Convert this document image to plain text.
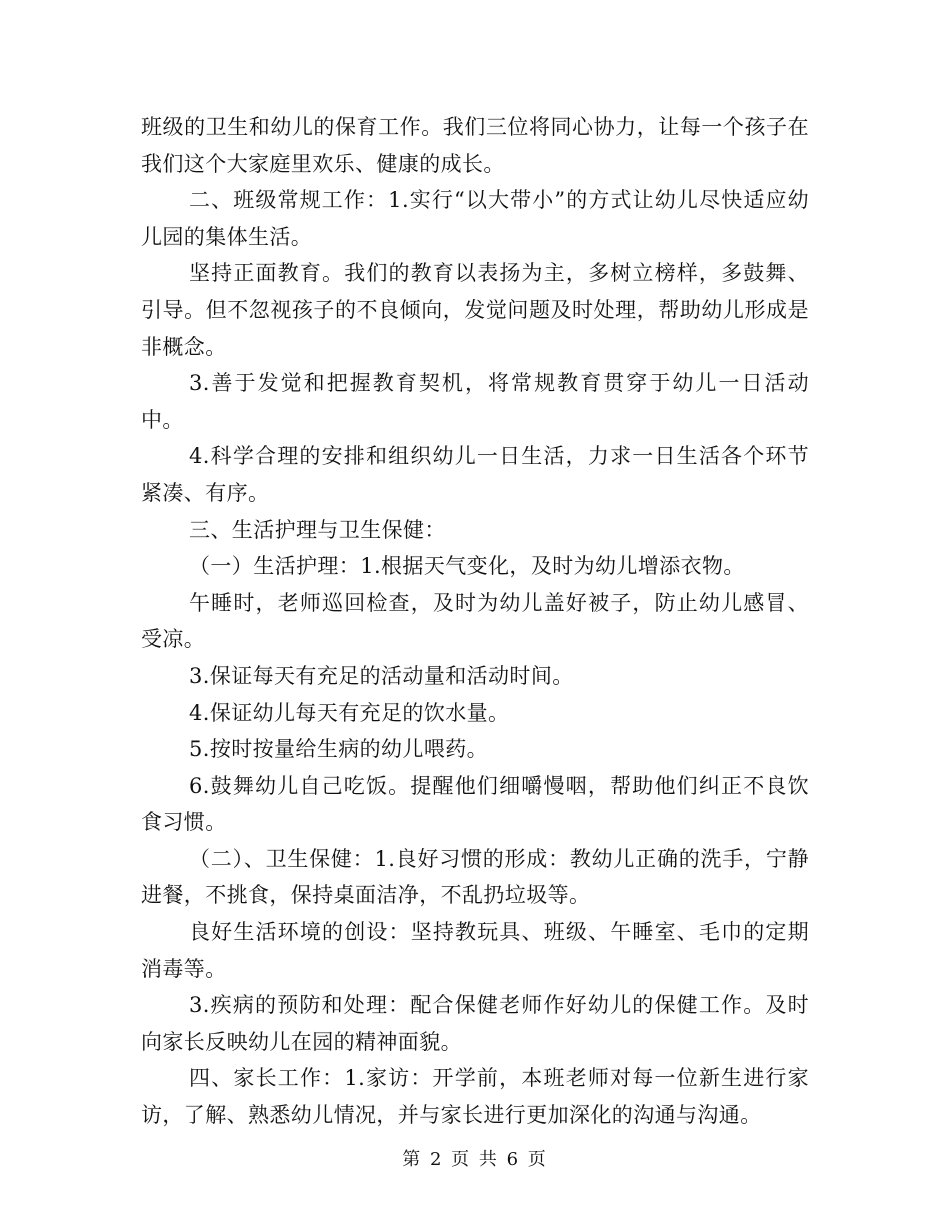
班级的卫生和幼儿的保育工作。我们三位将同心协力，让每一个孩子在我们这个大家庭里欢乐、健康的成长。

二、班级常规工作：1.实行“以大带小”的方式让幼儿尽快适应幼儿园的集体生活。

坚持正面教育。我们的教育以表扬为主，多树立榜样，多鼓舞、引导。但不忽视孩子的不良倾向，发觉问题及时处理，帮助幼儿形成是非概念。

3.善于发觉和把握教育契机，将常规教育贯穿于幼儿一日活动中。

4.科学合理的安排和组织幼儿一日生活，力求一日生活各个环节紧凑、有序。

三、生活护理与卫生保健：

（一）生活护理：1.根据天气变化，及时为幼儿增添衣物。

午睡时，老师巡回检查，及时为幼儿盖好被子，防止幼儿感冒、受凉。

3.保证每天有充足的活动量和活动时间。

4.保证幼儿每天有充足的饮水量。

5.按时按量给生病的幼儿喂药。

6.鼓舞幼儿自己吃饭。提醒他们细嚼慢咽，帮助他们纠正不良饮食习惯。

（二）、卫生保健：1.良好习惯的形成：教幼儿正确的洗手，宁静进餐，不挑食，保持桌面洁净，不乱扔垃圾等。

良好生活环境的创设：坚持教玩具、班级、午睡室、毛巾的定期消毒等。

3.疾病的预防和处理：配合保健老师作好幼儿的保健工作。及时向家长反映幼儿在园的精神面貌。

四、家长工作：1.家访：开学前，本班老师对每一位新生进行家访，了解、熟悉幼儿情况，并与家长进行更加深化的沟通与沟通。

第 2 页 共 6 页
